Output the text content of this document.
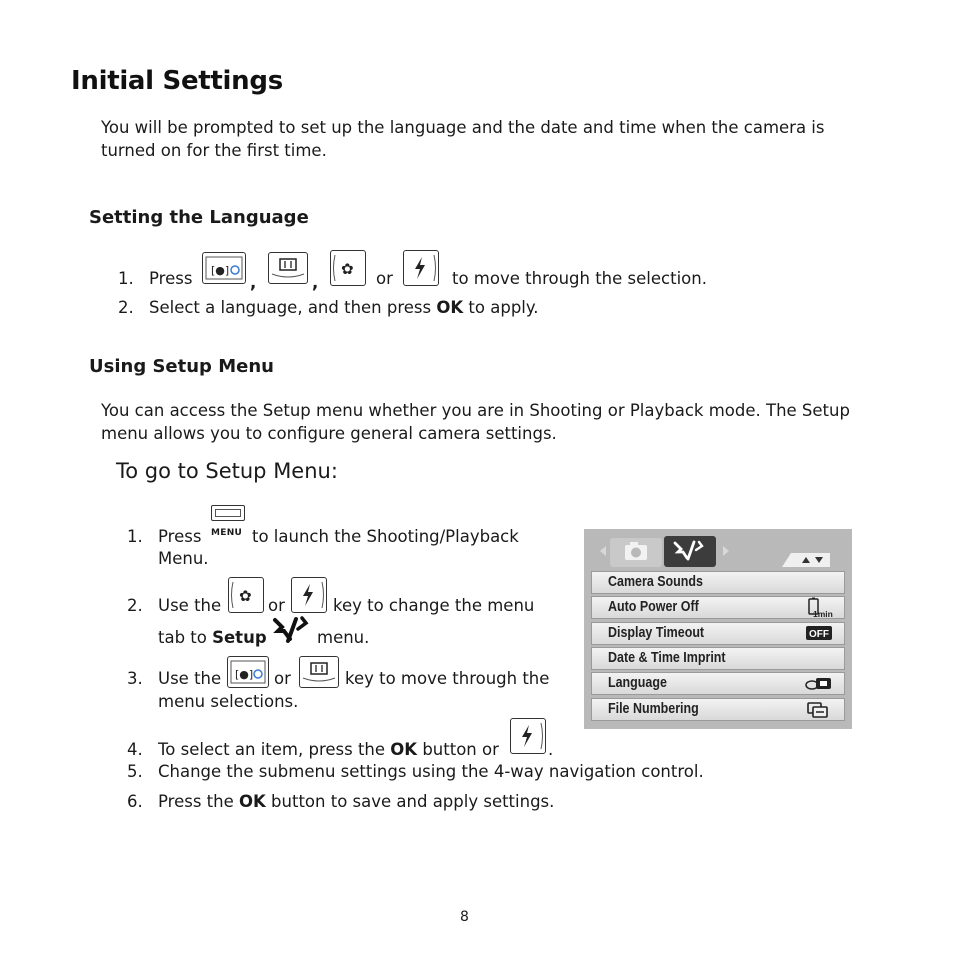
Initial Settings

You will be prompted to set up the language and the date and time when the camera is turned on for the first time.

Setting the Language
1. Press [●]
,	,
✿ or	to move through the selection.
2. Select a language, and then press OK to apply.
Using Setup Menu

You can access the Setup menu whether you are in Shooting or Playback mode. The Setup menu allows you to configure general camera settings.

To go to Setup Menu:
1. Press MENU to launch the Shooting/Playback
Menu.
2. Use the ✿ or	key to change the menu
tab to Setup	menu.
3. Use the [●] or	key to move through the
menu selections.
4. To select an item, press the OK button or	.
5. Change the submenu settings using the 4-way navigation control.
6. Press the OK button to save and apply settings.
Camera Sounds
Auto Power Off	1min
Display Timeout	OFF
Date & Time Imprint
Language
File Numbering
8
